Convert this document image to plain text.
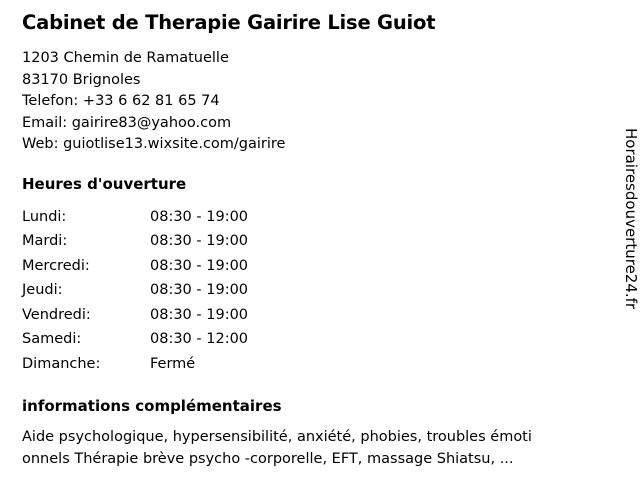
Cabinet de Therapie Gairire Lise Guiot
1203 Chemin de Ramatuelle
83170 Brignoles
Telefon: +33 6 62 81 65 74
Email: gairire83@yahoo.com
Web: guiotlise13.wixsite.com/gairire
Heures d'ouverture
Lundi:	08:30 - 19:00
Mardi:	08:30 - 19:00
Mercredi:	08:30 - 19:00
Jeudi:	08:30 - 19:00
Vendredi:	08:30 - 19:00
Samedi:	08:30 - 12:00
Dimanche:	Fermé
informations complémentaires
Aide psychologique, hypersensibilité, anxiété, phobies, troubles émoti
onnels Thérapie brève psycho -corporelle, EFT, massage Shiatsu, ...
Horairesdouverture24.fr
